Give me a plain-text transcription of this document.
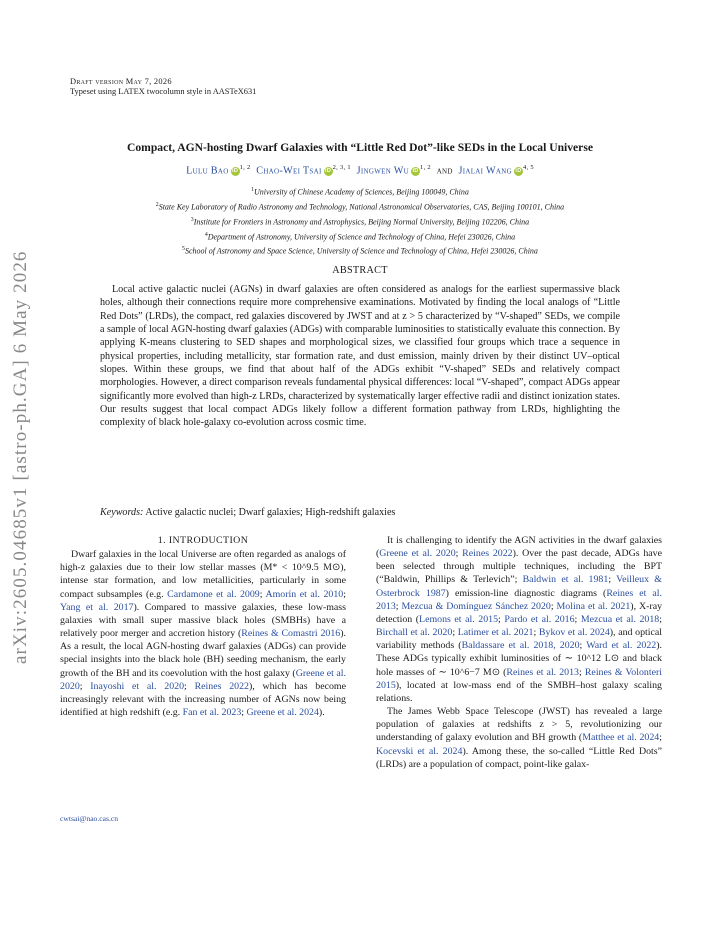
arXiv:2605.04685v1 [astro-ph.GA] 6 May 2026
Draft version May 7, 2026
Typeset using LATEX twocolumn style in AASTeX631
Compact, AGN-hosting Dwarf Galaxies with “Little Red Dot”-like SEDs in the Local Universe
Lulu Bao iD$^{1, 2}$ Chao-Wei Tsai iD$^{2, 3, 1}$ Jingwen Wu iD$^{1, 2}$ and Jialai Wang iD$^{4, 5}$
$^1$University of Chinese Academy of Sciences, Beijing 100049, China
$^2$State Key Laboratory of Radio Astronomy and Technology, National Astronomical Observatories, CAS, Beijing 100101, China
$^3$Institute for Frontiers in Astronomy and Astrophysics, Beijing Normal University, Beijing 102206, China
$^4$Department of Astronomy, University of Science and Technology of China, Hefei 230026, China
$^5$School of Astronomy and Space Science, University of Science and Technology of China, Hefei 230026, China
ABSTRACT
Local active galactic nuclei (AGNs) in dwarf galaxies are often considered as analogs for the earliest supermassive black holes, although their connections require more comprehensive examinations. Motivated by finding the local analogs of “Little Red Dots” (LRDs), the compact, red galaxies discovered by JWST and at z > 5 characterized by “V-shaped” SEDs, we compile a sample of local AGN-hosting dwarf galaxies (ADGs) with comparable luminosities to statistically evaluate this connection. By applying K-means clustering to SED shapes and morphological sizes, we classified four groups which trace a sequence in physical properties, including metallicity, star formation rate, and dust emission, mainly driven by their distinct UV–optical slopes. Within these groups, we find that about half of the ADGs exhibit “V-shaped” SEDs and relatively compact morphologies. However, a direct comparison reveals fundamental physical differences: local “V-shaped”, compact ADGs appear significantly more evolved than high-z LRDs, characterized by systematically larger effective radii and distinct ionization states. Our results suggest that local compact ADGs likely follow a different formation pathway from LRDs, highlighting the complexity of black hole-galaxy co-evolution across cosmic time.
Keywords: Active galactic nuclei; Dwarf galaxies; High-redshift galaxies
1. INTRODUCTION

Dwarf galaxies in the local Universe are often regarded as analogs of high-z galaxies due to their low stellar masses (M* < 10^9.5 M⊙), intense star formation, and low metallicities, particularly in some compact subsamples (e.g. Cardamone et al. 2009; Amorín et al. 2010; Yang et al. 2017). Compared to massive galaxies, these low-mass galaxies with small super massive black holes (SMBHs) have a relatively poor merger and accretion history (Reines & Comastri 2016). As a result, the local AGN-hosting dwarf galaxies (ADGs) can provide special insights into the black hole (BH) seeding mechanism, the early growth of the BH and its coevolution with the host galaxy (Greene et al. 2020; Inayoshi et al. 2020; Reines 2022), which has become increasingly relevant with the increasing number of AGNs now being identified at high redshift (e.g. Fan et al. 2023; Greene et al. 2024).

It is challenging to identify the AGN activities in the dwarf galaxies (Greene et al. 2020; Reines 2022). Over the past decade, ADGs have been selected through multiple techniques, including the BPT (“Baldwin, Phillips & Terlevich”; Baldwin et al. 1981; Veilleux & Osterbrock 1987) emission-line diagnostic diagrams (Reines et al. 2013; Mezcua & Domínguez Sánchez 2020; Molina et al. 2021), X-ray detection (Lemons et al. 2015; Pardo et al. 2016; Mezcua et al. 2018; Birchall et al. 2020; Latimer et al. 2021; Bykov et al. 2024), and optical variability methods (Baldassare et al. 2018, 2020; Ward et al. 2022). These ADGs typically exhibit luminosities of ∼ 10^12 L⊙ and black hole masses of ∼ 10^6−7 M⊙ (Reines et al. 2013; Reines & Volonteri 2015), located at low-mass end of the SMBH–host galaxy scaling relations.

The James Webb Space Telescope (JWST) has revealed a large population of galaxies at redshifts z > 5, revolutionizing our understanding of galaxy evolution and BH growth (Matthee et al. 2024; Kocevski et al. 2024). Among these, the so-called “Little Red Dots” (LRDs) are a population of compact, point-like galax-

cwtsai@nao.cas.cn
